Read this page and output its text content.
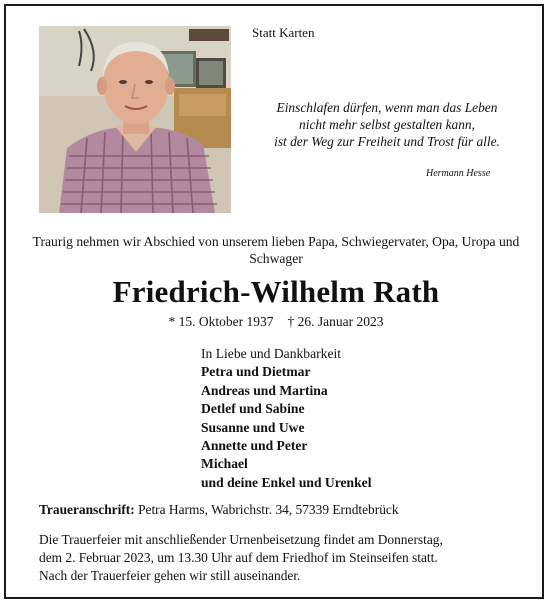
Statt Karten
Einschlafen dürfen, wenn man das Leben
nicht mehr selbst gestalten kann,
ist der Weg zur Freiheit und Trost für alle.
Hermann Hesse
Traurig nehmen wir Abschied von unserem lieben Papa, Schwiegervater, Opa, Uropa und Schwager
Friedrich-Wilhelm Rath
* 15. Oktober 1937 † 26. Januar 2023
In Liebe und Dankbarkeit
Petra und Dietmar
Andreas und Martina
Detlef und Sabine
Susanne und Uwe
Annette und Peter
Michael
und deine Enkel und Urenkel
Traueranschrift: Petra Harms, Wabrichstr. 34, 57339 Erndtebrück
Die Trauerfeier mit anschließender Urnenbeisetzung findet am Donnerstag,
dem 2. Februar 2023, um 13.30 Uhr auf dem Friedhof im Steinseifen statt.
Nach der Trauerfeier gehen wir still auseinander.
